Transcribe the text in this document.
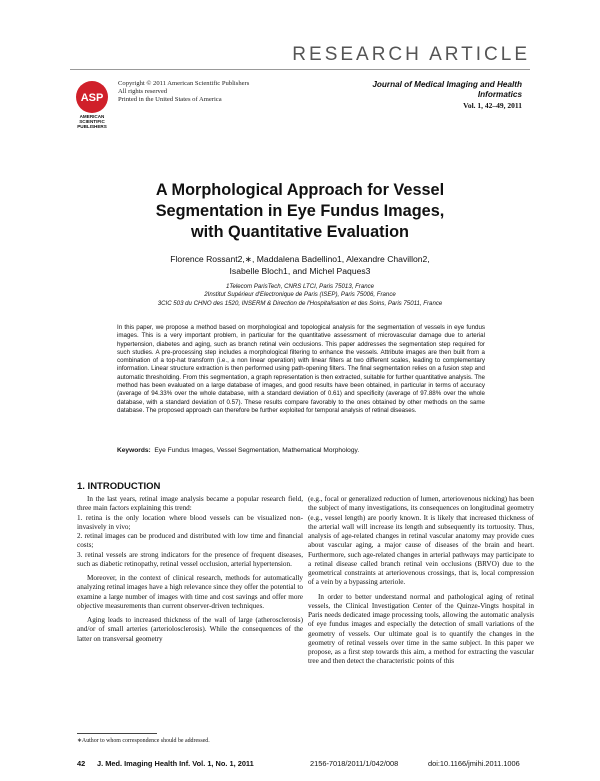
RESEARCH ARTICLE
ASP
AMERICAN
SCIENTIFIC
PUBLISHERS
Copyright © 2011 American Scientific Publishers
All rights reserved
Printed in the United States of America
Journal of Medical Imaging and Health Informatics
Vol. 1, 42–49, 2011
A Morphological Approach for Vessel
Segmentation in Eye Fundus Images,
with Quantitative Evaluation
Florence Rossant2,∗, Maddalena Badellino1, Alexandre Chavillon2,
Isabelle Bloch1, and Michel Paques3
1Telecom ParisTech, CNRS LTCI, Paris 75013, France
2Institut Supérieur d'Electronique de Paris (ISEP), Paris 75006, France
3CIC 503 du CHNO des 1520, INSERM & Direction de l'Hospitalisation et des Soins, Paris 75011, France
In this paper, we propose a method based on morphological and topological analysis for the segmentation of vessels in eye fundus images. This is a very important problem, in particular for the quantitative assessment of microvascular damage due to arterial hypertension, diabetes and aging, such as branch retinal vein occlusions. This paper addresses the segmentation step required for such studies. A pre-processing step includes a morphological filtering to enhance the vessels. Attribute images are then built from a combination of a top-hat transform (i.e., a non linear operation) with linear filters at two different scales, leading to complementary information. Linear structure extraction is then performed using path-opening filters. The final segmentation relies on a fusion step and automatic thresholding. From this segmentation, a graph representation is then extracted, suitable for further quantitative analysis. The method has been evaluated on a large database of images, and good results have been obtained, in particular in terms of accuracy (average of 94.33% over the whole database, with a standard deviation of 0.61) and specificity (average of 97.88% over the whole database, with a standard deviation of 0.57). These results compare favorably to the ones obtained by other methods on the same database. The proposed approach can therefore be further exploited for temporal analysis of retinal diseases.
Keywords: Eye Fundus Images, Vessel Segmentation, Mathematical Morphology.
1. INTRODUCTION

In the last years, retinal image analysis became a popular research field, three main factors explaining this trend:

1. retina is the only location where blood vessels can be visualized non-invasively in vivo;

2. retinal images can be produced and distributed with low time and financial costs;

3. retinal vessels are strong indicators for the presence of frequent diseases, such as diabetic retinopathy, retinal vessel occlusion, arterial hypertension.

Moreover, in the context of clinical research, methods for automatically analyzing retinal images have a high relevance since they offer the potential to examine a large number of images with time and cost savings and offer more objective measurements than current observer-driven techniques.

Aging leads to increased thickness of the wall of large (atherosclerosis) and/or of small arteries (arteriolosclerosis). While the consequences of the latter on transversal geometry

(e.g., focal or generalized reduction of lumen, arteriovenous nicking) has been the subject of many investigations, its consequences on longitudinal geometry (e.g., vessel length) are poorly known. It is likely that increased thickness of the arterial wall will increase its length and subsequently its tortuosity. Thus, analysis of age-related changes in retinal vascular anatomy may provide cues about vascular aging, a major cause of diseases of the brain and heart. Furthermore, such age-related changes in arterial pathways may participate to a retinal disease called branch retinal vein occlusions (BRVO) due to the geometrical constraints at arteriovenous crossings, that is, local compression of a vein by a bypassing arteriole.

In order to better understand normal and pathological aging of retinal vessels, the Clinical Investigation Center of the Quinze-Vingts hospital in Paris needs dedicated image processing tools, allowing the automatic analysis of eye fundus images and especially the detection of small variations of the geometry of vessels. Our ultimate goal is to quantify the changes in the geometry of retinal vessels over time in the same subject. In this paper we propose, as a first step towards this aim, a method for extracting the vascular tree and then detect the characteristic points of this

∗Author to whom correspondence should be addressed.
42 J. Med. Imaging Health Inf. Vol. 1, No. 1, 2011	2156-7018/2011/1/042/008	doi:10.1166/jmihi.2011.1006
